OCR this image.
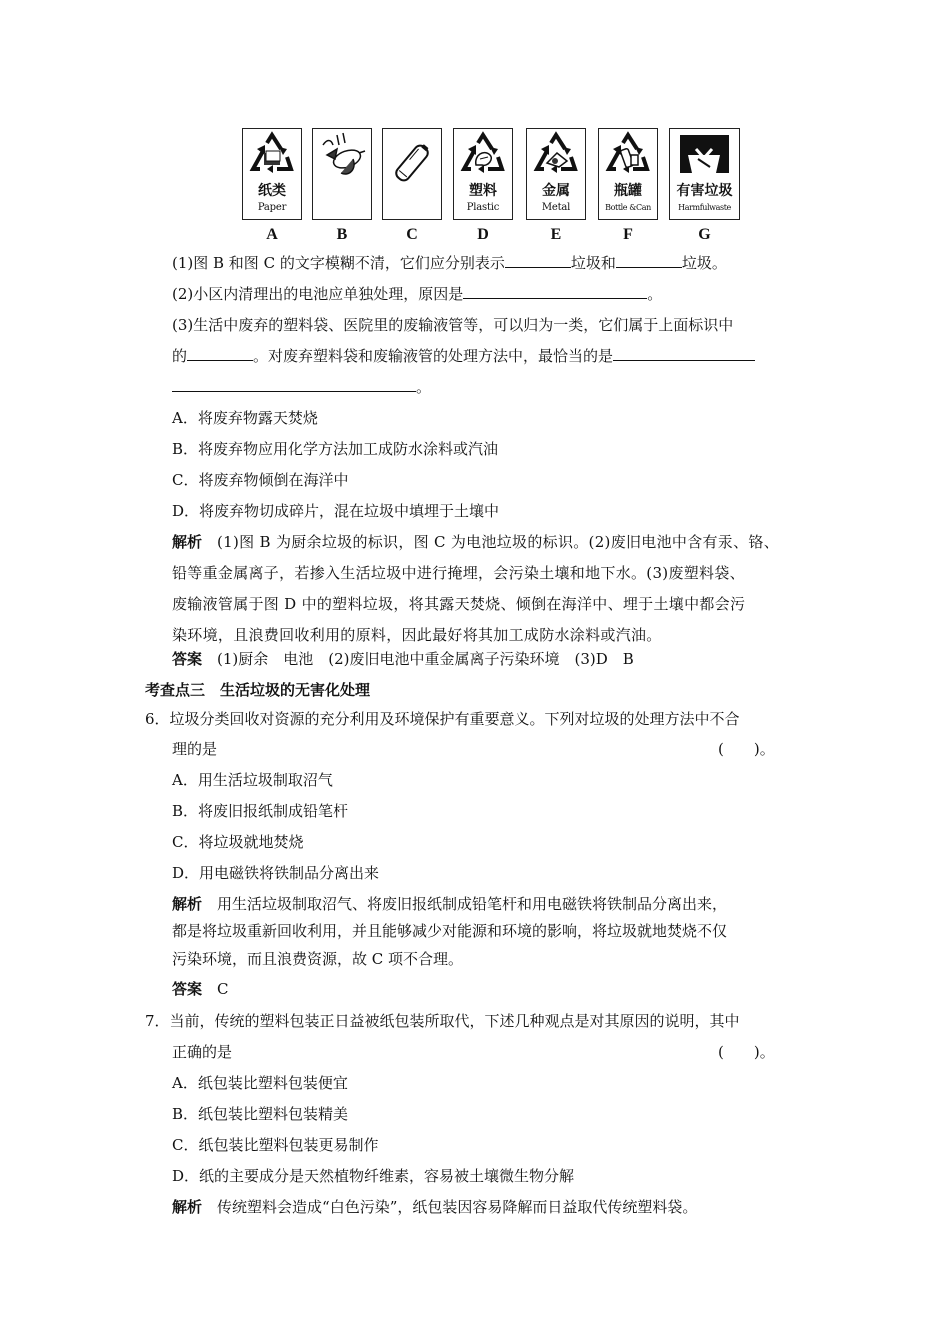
纸类
Paper
A	B	C
塑料
Plastic
D
金属
Metal
E
瓶罐
Bottle &Can
F
有害垃圾
Harmfulwaste
G
(1)图 B 和图 C 的文字模糊不清，它们应分别表示	垃圾和	垃圾。
(2)小区内清理出的电池应单独处理，原因是	。
(3)生活中废弃的塑料袋、医院里的废输液管等，可以归为一类，它们属于上面标识中
的	。对废弃塑料袋和废输液管的处理方法中，最恰当的是
。
A．将废弃物露天焚烧
B．将废弃物应用化学方法加工成防水涂料或汽油
C．将废弃物倾倒在海洋中
D．将废弃物切成碎片，混在垃圾中填埋于土壤中
解析　 (1)图 B 为厨余垃圾的标识，图 C 为电池垃圾的标识。(2)废旧电池中含有汞、铬、
铅等重金属离子，若掺入生活垃圾中进行掩埋，会污染土壤和地下水。(3)废塑料袋、
废输液管属于图 D 中的塑料垃圾，将其露天焚烧、倾倒在海洋中、埋于土壤中都会污
染环境，且浪费回收利用的原料，因此最好将其加工成防水涂料或汽油。
答案　 (1)厨余　电池　(2)废旧电池中重金属离子污染环境　(3)D　B
考查点三　生活垃圾的无害化处理
6．垃圾分类回收对资源的充分利用及环境保护有重要意义。下列对垃圾的处理方法中不合
理的是	(　　)。
A．用生活垃圾制取沼气
B．将废旧报纸制成铅笔杆
C．将垃圾就地焚烧
D．用电磁铁将铁制品分离出来
解析　 用生活垃圾制取沼气、将废旧报纸制成铅笔杆和用电磁铁将铁制品分离出来，
都是将垃圾重新回收利用，并且能够减少对能源和环境的影响，将垃圾就地焚烧不仅
污染环境，而且浪费资源，故 C 项不合理。
答案　 C
7．当前，传统的塑料包装正日益被纸包装所取代，下述几种观点是对其原因的说明，其中
正确的是	(　　)。
A．纸包装比塑料包装便宜
B．纸包装比塑料包装精美
C．纸包装比塑料包装更易制作
D．纸的主要成分是天然植物纤维素，容易被土壤微生物分解
解析　 传统塑料会造成“白色污染”，纸包装因容易降解而日益取代传统塑料袋。
